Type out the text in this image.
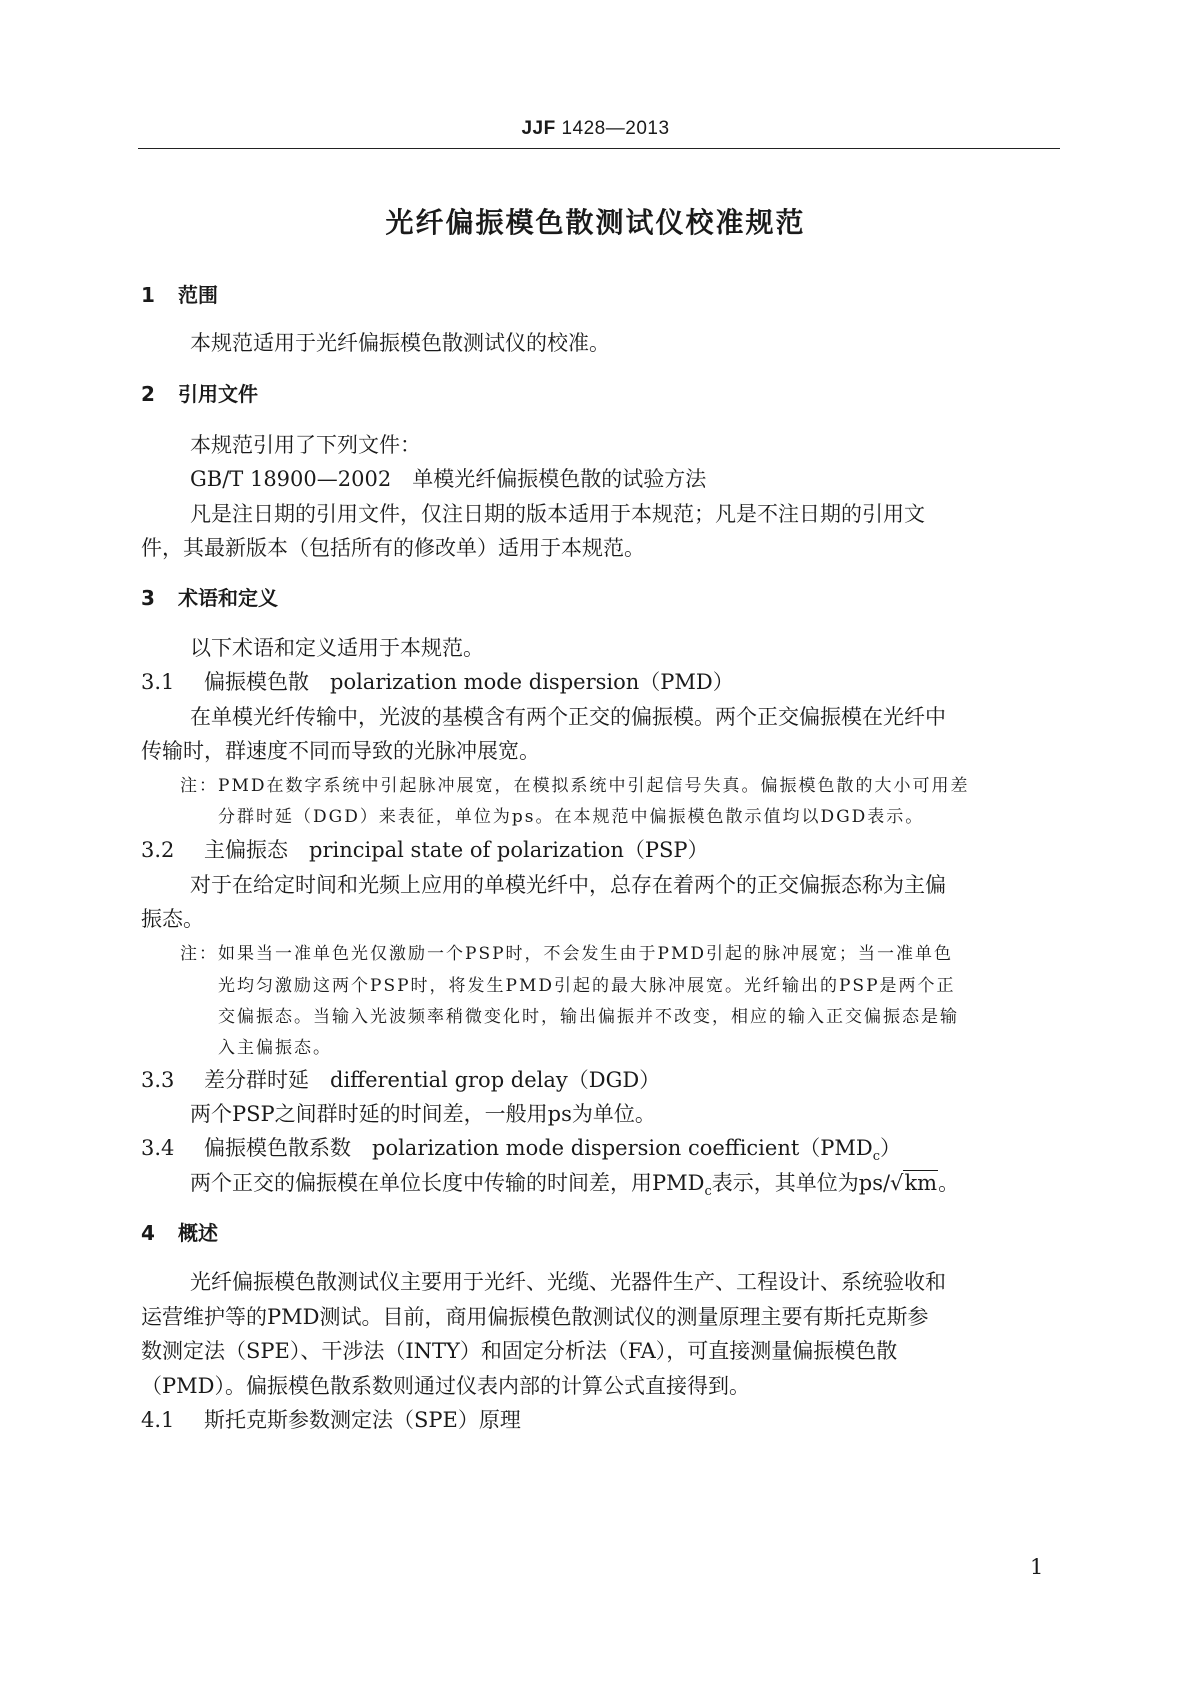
JJF 1428—2013
光纤偏振模色散测试仪校准规范
1 范围
本规范适用于光纤偏振模色散测试仪的校准。
2 引用文件
本规范引用了下列文件：
GB/T 18900—2002　单模光纤偏振模色散的试验方法
凡是注日期的引用文件，仅注日期的版本适用于本规范；凡是不注日期的引用文
件，其最新版本（包括所有的修改单）适用于本规范。
3 术语和定义
以下术语和定义适用于本规范。
3.1 偏振模色散　polarization mode dispersion（PMD）
在单模光纤传输中，光波的基模含有两个正交的偏振模。两个正交偏振模在光纤中
传输时，群速度不同而导致的光脉冲展宽。
注：PMD在数字系统中引起脉冲展宽，在模拟系统中引起信号失真。偏振模色散的大小可用差
分群时延（DGD）来表征，单位为ps。在本规范中偏振模色散示值均以DGD表示。
3.2 主偏振态　principal state of polarization（PSP）
对于在给定时间和光频上应用的单模光纤中，总存在着两个的正交偏振态称为主偏
振态。
注：如果当一准单色光仅激励一个PSP时，不会发生由于PMD引起的脉冲展宽；当一准单色
光均匀激励这两个PSP时，将发生PMD引起的最大脉冲展宽。光纤输出的PSP是两个正
交偏振态。当输入光波频率稍微变化时，输出偏振并不改变，相应的输入正交偏振态是输
入主偏振态。
3.3 差分群时延　differential grop delay（DGD）
两个PSP之间群时延的时间差，一般用ps为单位。
3.4 偏振模色散系数　polarization mode dispersion $coefficient(PMD_c)$
两个正交的偏振模在单位长度中传输的时间差，用$PMD_c$表示，其单位为ps/√km。
4 概述
光纤偏振模色散测试仪主要用于光纤、光缆、光器件生产、工程设计、系统验收和
运营维护等的PMD测试。目前，商用偏振模色散测试仪的测量原理主要有斯托克斯参
数测定法（SPE）、干涉法（INTY）和固定分析法（FA），可直接测量偏振模色散
（PMD）。偏振模色散系数则通过仪表内部的计算公式直接得到。
4.1 斯托克斯参数测定法（SPE）原理
1
